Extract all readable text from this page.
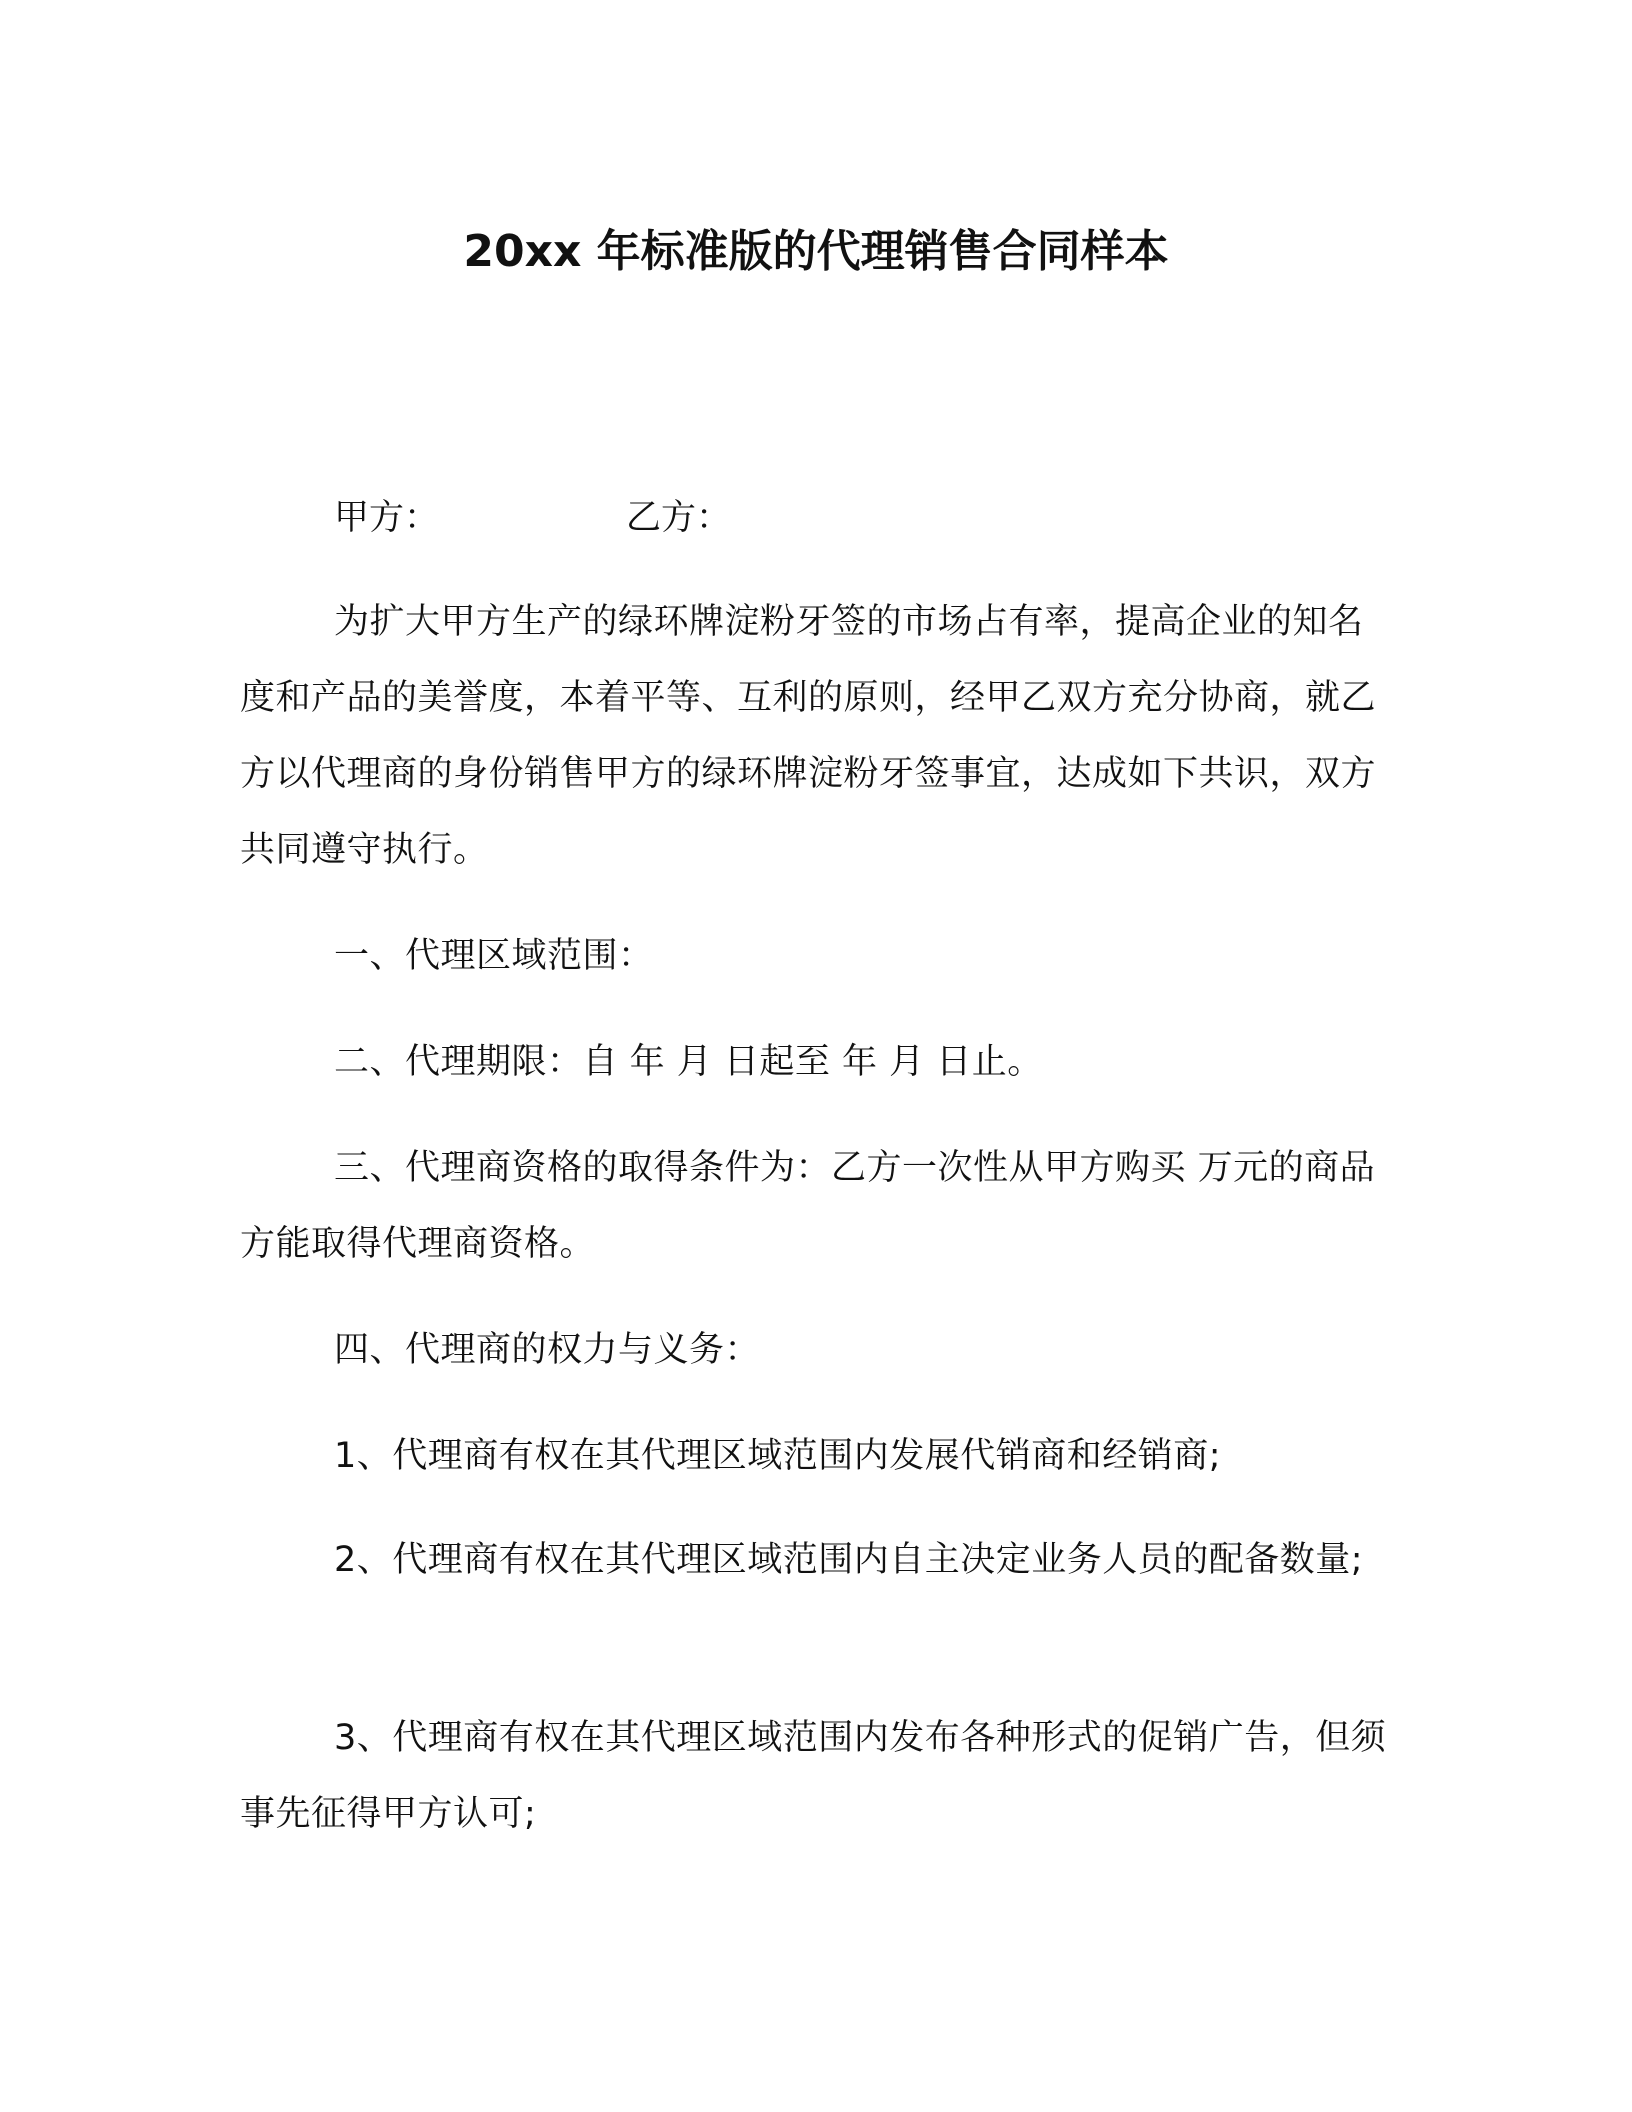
20xx 年标准版的代理销售合同样本
甲方：	乙方：

为扩大甲方生产的绿环牌淀粉牙签的市场占有率，提高企业的知名度和产品的美誉度，本着平等、互利的原则，经甲乙双方充分协商，就乙方以代理商的身份销售甲方的绿环牌淀粉牙签事宜，达成如下共识，双方共同遵守执行。

一、代理区域范围：

二、代理期限：自 年 月 日起至 年 月 日止。

三、代理商资格的取得条件为：乙方一次性从甲方购买 万元的商品方能取得代理商资格。

四、代理商的权力与义务：

1、代理商有权在其代理区域范围内发展代销商和经销商;

2、代理商有权在其代理区域范围内自主决定业务人员的配备数量;

3、代理商有权在其代理区域范围内发布各种形式的促销广告，但须事先征得甲方认可;
